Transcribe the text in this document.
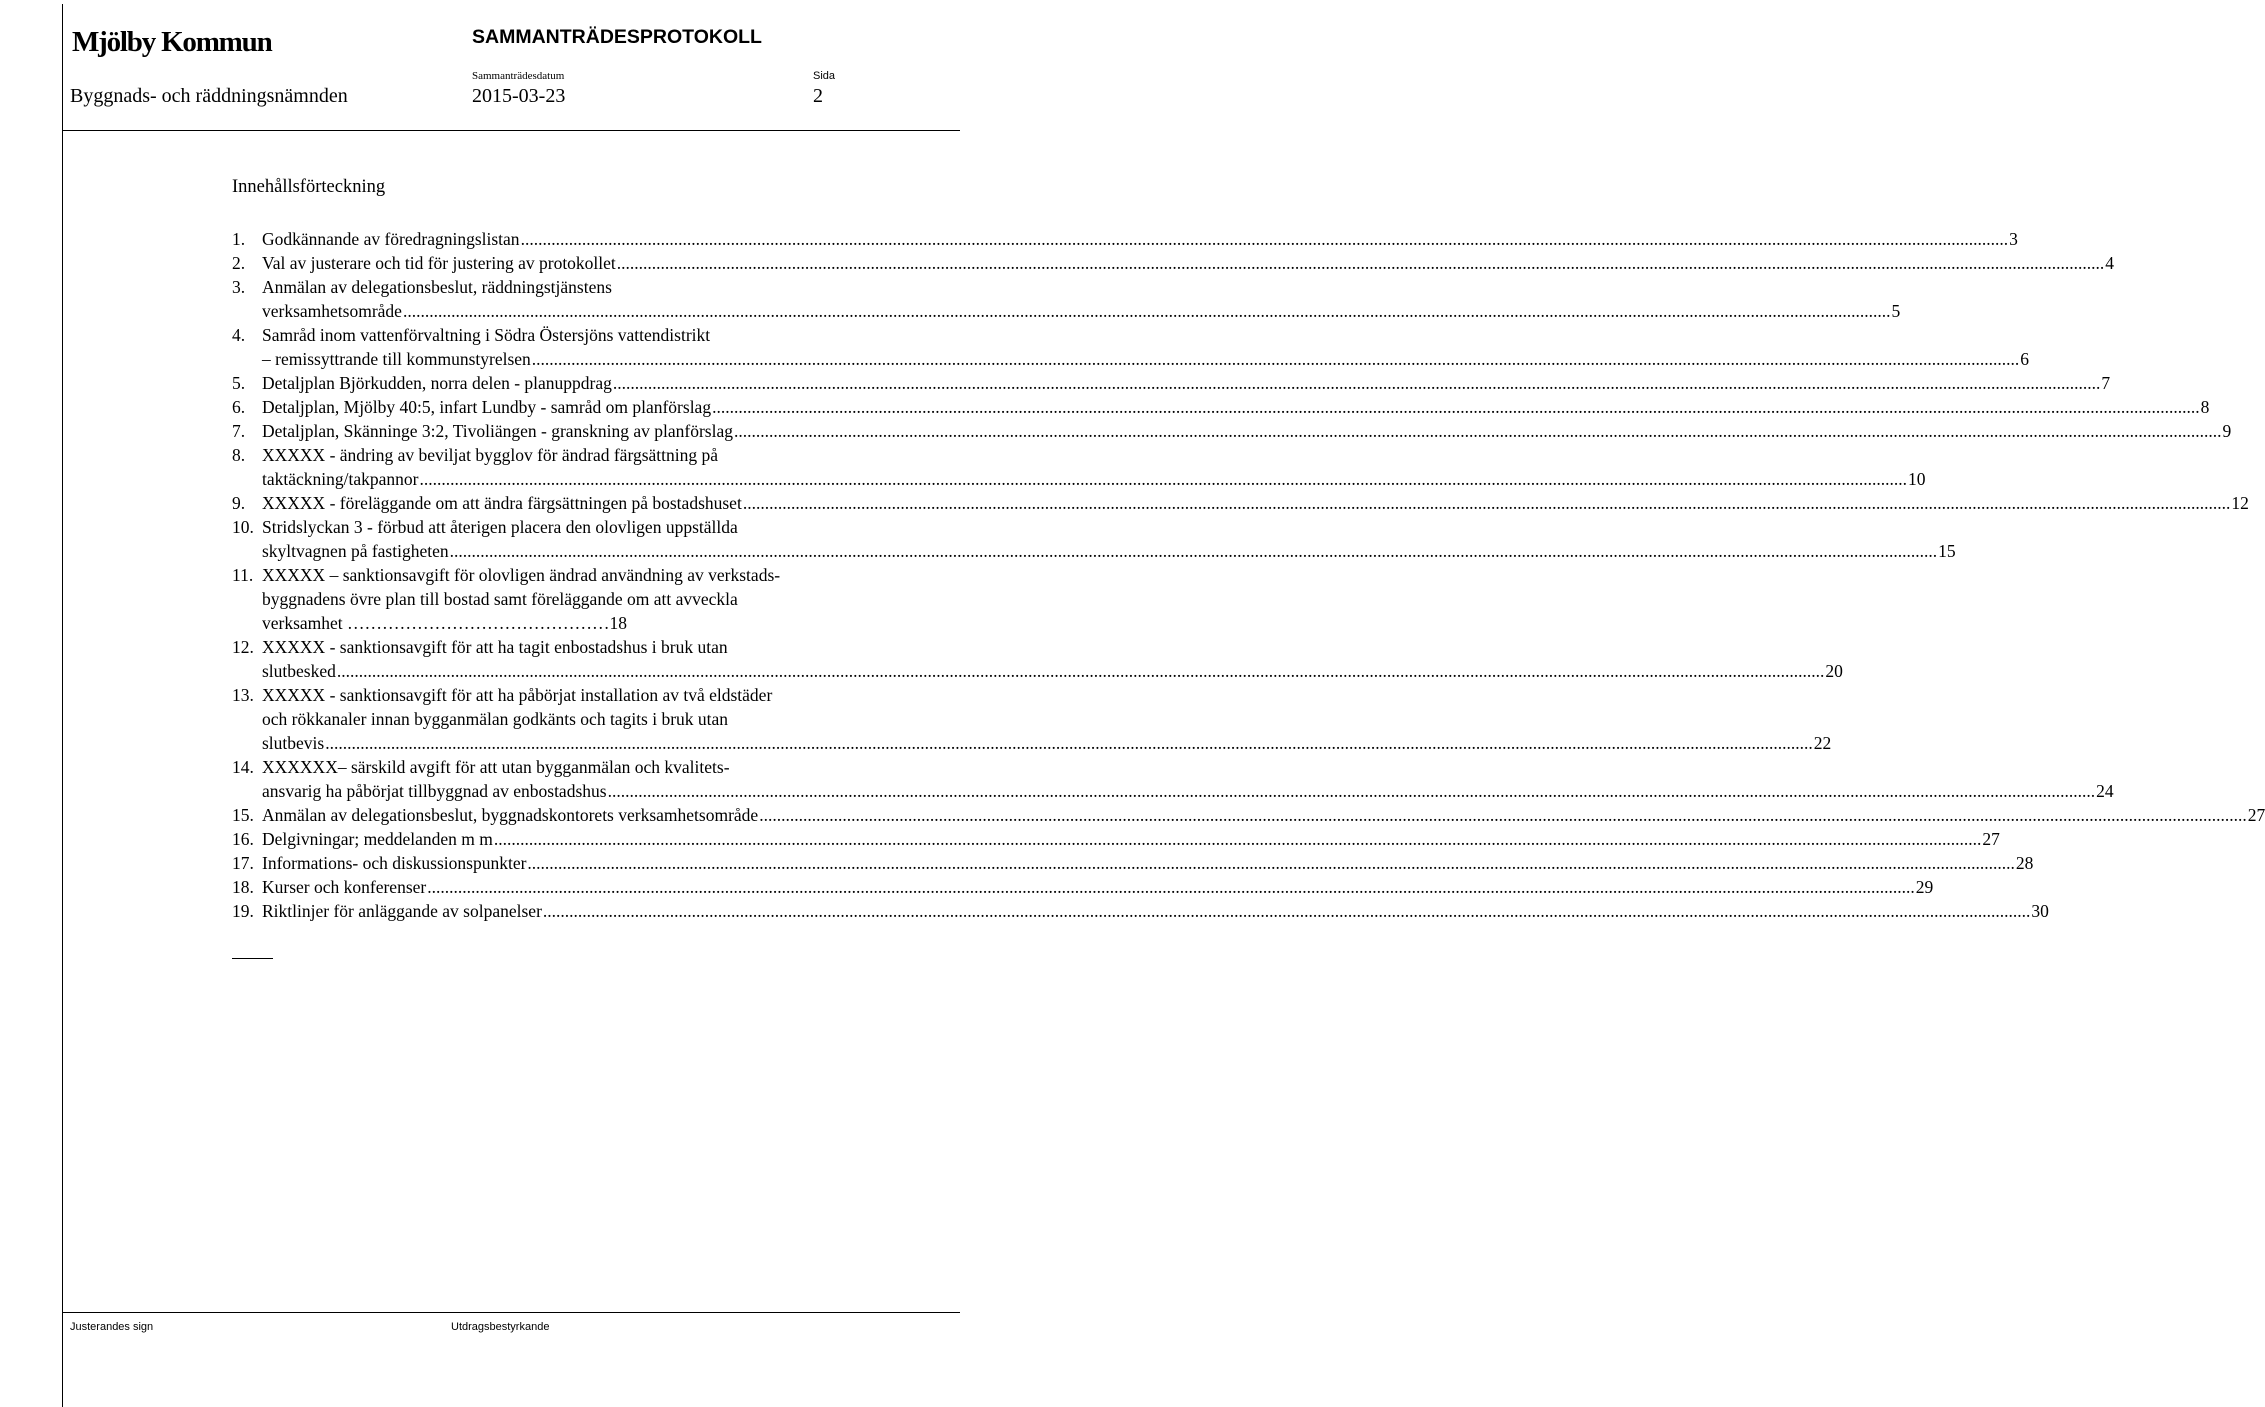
Mjölby Kommun	SAMMANTRÄDESPROTOKOLL
Sammanträdesdatum	Sida
Byggnads- och räddningsnämnden	2015-03-23	2
Innehållsförteckning
1. Godkännande av föredragningslistan .....	3
2. Val av justerare och tid för justering av protokollet .....	4
3. Anmälan av delegationsbeslut, räddningstjänstens
verksamhetsområde .....	5
4. Samråd inom vattenförvaltning i Södra Östersjöns vattendistrikt
– remissyttrande till kommunstyrelsen .....	6
5. Detaljplan Björkudden, norra delen - planuppdrag .....	7
6. Detaljplan, Mjölby 40:5, infart Lundby - samråd om planförslag .....	8
7. Detaljplan, Skänninge 3:2, Tivoliängen - granskning av planförslag .....	9
8. XXXXX - ändring av beviljat bygglov för ändrad färgsättning på
taktäckning/takpannor .....	10
9. XXXXX - föreläggande om att ändra färgsättningen på bostadshuset .....	12
10. Stridslyckan 3 - förbud att återigen placera den olovligen uppställda
skyltvagnen på fastigheten .....	15
11. XXXXX – sanktionsavgift för olovligen ändrad användning av verkstads-
byggnadens övre plan till bostad samt föreläggande om att avveckla
verksamhet ………………………………………18
12. XXXXX - sanktionsavgift för att ha tagit enbostadshus i bruk utan
slutbesked .....	20
13. XXXXX - sanktionsavgift för att ha påbörjat installation av två eldstäder
och rökkanaler innan bygganmälan godkänts och tagits i bruk utan
slutbevis .....	22
14. XXXXXX– särskild avgift för att utan bygganmälan och kvalitets-
ansvarig ha påbörjat tillbyggnad av enbostadshus .....	24
15. Anmälan av delegationsbeslut, byggnadskontorets verksamhetsområde .....	27
16. Delgivningar; meddelanden m m .....	27
17. Informations- och diskussionspunkter .....	28
18. Kurser och konferenser .....	29
19. Riktlinjer för anläggande av solpanelser .....	30
Justerandes sign	Utdragsbestyrkande
